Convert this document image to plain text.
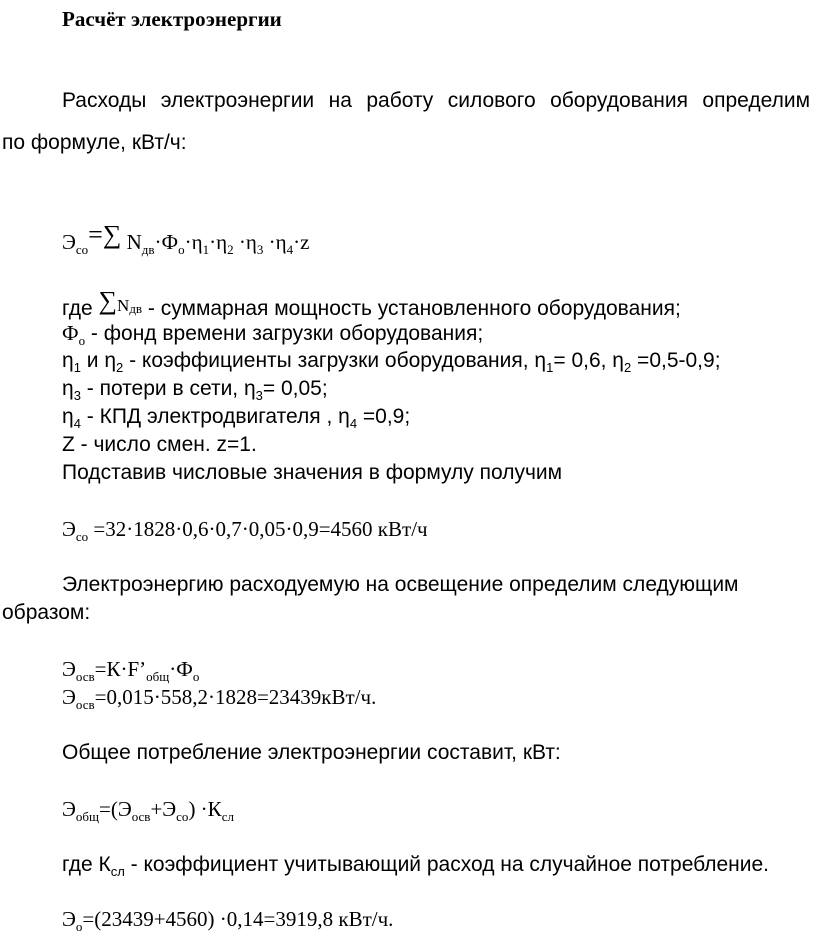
Расчёт электроэнергии
Расходы электроэнергии на работу силового оборудования определим
по формуле, кВт/ч:
$Э_{со}=\sum$ $N_{дв}\cdot Ф_о\cdot\eta_1\cdot\eta_2 \cdot\eta_3 \cdot\eta_4\cdot z$
где ∑$^N$дв - суммарная мощность установленного оборудования;
$Ф_о$ - фонд времени загрузки оборудования;
$\eta_1$ и $\eta_2$ - коэффициенты загрузки оборудования, $\eta_1= 0,6$, $\eta_2 =0,5-0,9$;
$\eta_3$ - потери в сети, $\eta_3= 0,05$;
$\eta_4$ - КПД электродвигателя , $\eta_4 =0,9$;
Z - число смен. z=1.
Подставив числовые значения в формулу получим
$Э_{со} =32\cdot 1828\cdot 0,6\cdot 0,7\cdot 0,05\cdot 0,9=4560$ кВт/ч
Электроэнергию расходуемую на освещение определим следующим
образом:
$Э_{осв}=К\cdot F’_{общ}\cdot Ф_о$
$Э_{осв}=0,015\cdot 558,2\cdot 1828=23439кВт/ч$.
Общее потребление электроэнергии составит, кВт:
$Э_{общ}=(Э_{осв}+Э_{со}) \cdot К_{сл}$
где $К_{сл}$ - коэффициент учитывающий расход на случайное потребление.
$Э_о=(23439+4560) \cdot 0,14=3919,8$ кВт/ч.
